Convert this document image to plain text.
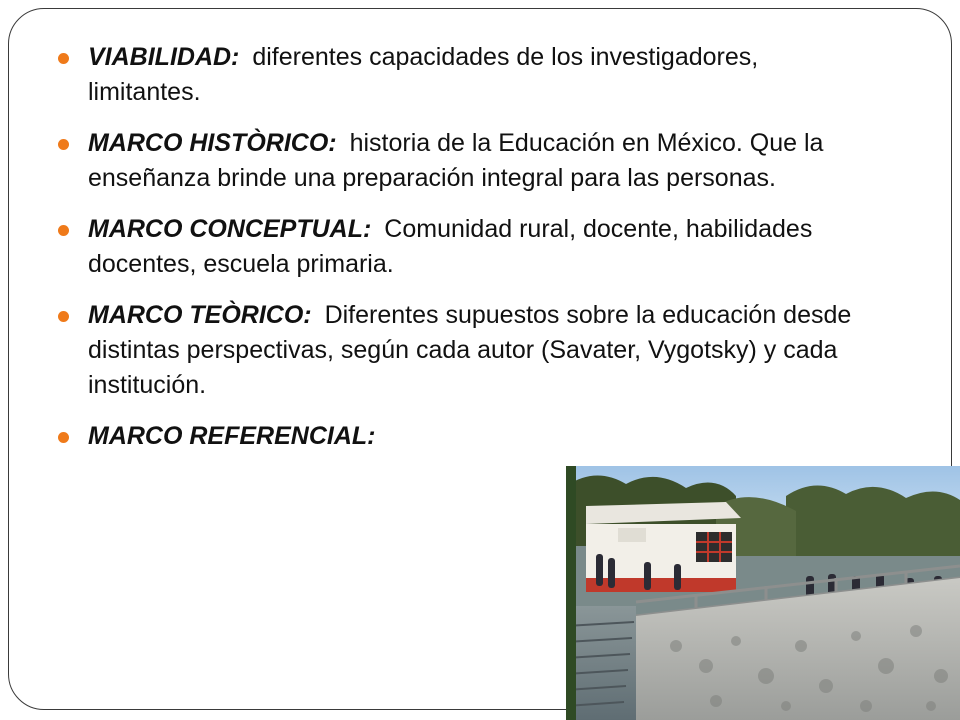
VIABILIDAD: diferentes capacidades de los investigadores, limitantes.
MARCO HISTÒRICO: historia de la Educación en México. Que la enseñanza brinde una preparación integral para las personas.
MARCO CONCEPTUAL: Comunidad rural, docente, habilidades docentes, escuela primaria.
MARCO TEÒRICO: Diferentes supuestos sobre la educación desde distintas perspectivas, según cada autor (Savater, Vygotsky) y cada institución.
MARCO REFERENCIAL:
